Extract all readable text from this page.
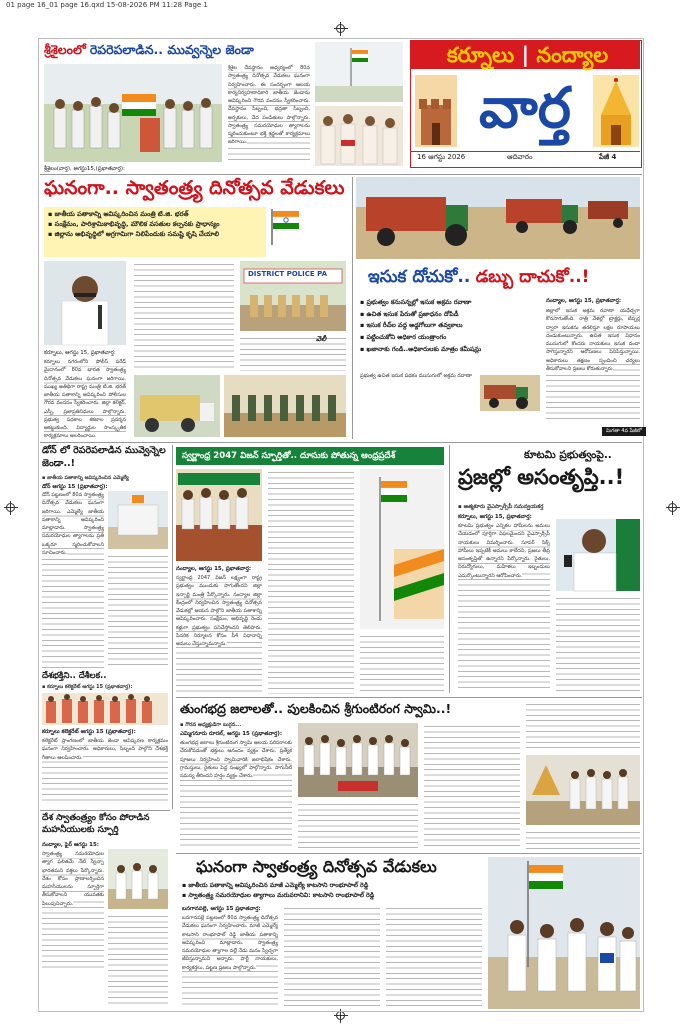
01 page 16_01 page 16.qxd 15-08-2026 PM 11:28 Page 1
శ్రీశైలంలో రెపరెపలాడిన.. మువ్వన్నెల జెండా
శ్రీశైలం(వార్త), ఆగస్టు15,(ప్రభాతవార్త):
శ్రీశైల దేవస్థానం ఆధ్వర్యంలో 80వ స్వాతంత్ర్య దినోత్సవ వేడుకలు ఘనంగా నిర్వహించారు. ఈ సందర్భంగా ఆలయ కార్యనిర్వహణాధికారి జాతీయ జెండాను ఆవిష్కరించి గౌరవ వందనం స్వీకరించారు. దేవస్థానం సిబ్బంది, భద్రతా సిబ్బంది, అర్చకులు, వేద పండితులు పాల్గొన్నారు. స్వాతంత్ర్య సమరయోధుల త్యాగాలను స్మరించుకుంటూ భక్తి శ్రద్ధలతో కార్యక్రమాలు జరిగాయి.
కర్నూలు | నంద్యాల
వార్త
16 ఆగస్టు 2026	ఆదివారం	పేజీ 4
ఘనంగా.. స్వాతంత్ర్య దినోత్సవ వేడుకలు
▪ జాతీయ పతాకాన్ని ఆవిష్కరించిన మంత్రి టి.జి. భరత్
▪ సంక్షేమం, పారిశ్రామికాభివృద్ధి, మౌలిక వసతుల కల్పనకు ప్రాధాన్యం
▪ జిల్లాను అభివృద్ధిలో అగ్రగామిగా నిలిపేందుకు సమష్టి కృషి చేయాలి
కర్నూలు, ఆగస్టు 15, ప్రభాతవార్త:
కర్నూలు నగరంలోని పోలీస్ పరేడ్ మైదానంలో 80వ భారత స్వాతంత్ర్య దినోత్సవ వేడుకలు ఘనంగా జరిగాయి. ముఖ్య అతిథిగా రాష్ట్ర మంత్రి టి.జి. భరత్ జాతీయ పతాకాన్ని ఆవిష్కరించి పోలీసుల గౌరవ వందనం స్వీకరించారు. జిల్లా కలెక్టర్, ఎస్పీ, ప్రజాప్రతినిధులు పాల్గొన్నారు. ప్రభుత్వ పథకాల శకటాల ప్రదర్శన ఆకట్టుకుంది. విద్యార్థుల సాంస్కృతిక కార్యక్రమాలు అలరించాయి.
DISTRICT POLICE PA
వెలీ
ఇసుక దోచుకో.. డబ్బు దాచుకో..!
▪ ప్రభుత్వం కనుసన్నల్లో ఇసుక అక్రమ రవాణా
▪ ఉచిత ఇసుక పేరుతో ప్రజాధనం దోపిడీ
▪ ఇసుక రీచ్‌ల వద్ద అడ్డగోలుగా తవ్వకాలు
▪ పట్టించుకోని అధికార యంత్రాంగం
▪ ఖజానాకు గండి..అధికారులకు మాత్రం కమీషన్లు
ప్రభుత్వ ఉచిత ఇసుక పథకం ముసుగులో అక్రమ రవాణా
నంద్యాల, ఆగస్టు 15, ప్రభాతవార్త:
జిల్లాలో ఇసుక అక్రమ రవాణా యథేచ్ఛగా కొనసాగుతోంది. రాత్రి వేళల్లో ట్రాక్టర్లు, టిప్పర్ల ద్వారా ఇసుకను తరలిస్తూ లక్షల రూపాయలు దండుకుంటున్నారు. ఉచిత ఇసుక విధానం ముసుగులో కొందరు నాయకులు ఇసుక దందా సాగిస్తున్నారని ఆరోపణలు వినిపిస్తున్నాయి. అధికారులు తక్షణం స్పందించి చర్యలు తీసుకోవాలని ప్రజలు కోరుతున్నారు.
మిగతా 4వ పేజీలో
డోన్ లో రెపరెపలాడిన మువ్వెన్నెల జెండా..!
▪ జాతీయ పతాకాన్ని ఆవిష్కరించిన ఎమ్మెల్యే
డోన్ ఆగస్టు 15 (ప్రభాతవార్త):
డోన్ పట్టణంలో 80వ స్వాతంత్ర్య దినోత్సవ వేడుకలు ఘనంగా జరిగాయి. ఎమ్మెల్యే జాతీయ పతాకాన్ని ఆవిష్కరించి మాట్లాడారు. స్వాతంత్ర్య సమరయోధుల త్యాగాలను ప్రతి ఒక్కరూ స్మరించుకోవాలని సూచించారు.
దేశభక్తిని.. దేశీలక..
▪ కర్నూలు కలెక్టరేట్ ఆగస్టు 15 (ప్రభాతవార్త):
కర్నూలు కలెక్టరేట్ ఆగస్టు 15 (ప్రభాతవార్త):
కలెక్టరేట్ ప్రాంగణంలో జాతీయ జెండా ఆవిష్కరణ కార్యక్రమం ఘనంగా నిర్వహించారు. అధికారులు, సిబ్బంది పాల్గొని దేశభక్తి గీతాలు ఆలపించారు.
దేశ స్వాతంత్ర్యం కోసం పోరాడిన మహనీయులకు స్ఫూర్తి
నంద్యాల, ఫైర్ ఆగస్టు 15:
స్వాతంత్ర్య సమరయోధుల త్యాగ ఫలితమే నేటి స్వేచ్ఛా భారతమని వక్తలు పేర్కొన్నారు. దేశం కోసం ప్రాణాలర్పించిన మహనీయులను స్ఫూర్తిగా తీసుకోవాలని యువతకు పిలుపునిచ్చారు.
స్వర్ణాంధ్ర 2047 విజన్ స్ఫూర్తితో.. దూసుకు పోతున్న ఆంధ్రప్రదేశ్
నంద్యాల, ఆగస్టు 15, ప్రభాతవార్త:
స్వర్ణాంధ్ర 2047 విజన్ లక్ష్యంగా రాష్ట్ర ప్రభుత్వం ముందుకు సాగుతోందని జిల్లా ఇన్చార్జి మంత్రి పేర్కొన్నారు. నంద్యాల జిల్లా కేంద్రంలో నిర్వహించిన స్వాతంత్ర్య దినోత్సవ వేడుకల్లో ఆయన పాల్గొని జాతీయ పతాకాన్ని ఆవిష్కరించారు. సంక్షేమం, అభివృద్ధి రెండు కళ్లుగా ప్రభుత్వం పనిచేస్తోందని తెలిపారు. పేదరిక నిర్మూలన కోసం పీ4 విధానాన్ని అమలు చేస్తున్నామన్నారు.
కూటమి ప్రభుత్వంపై..
ప్రజల్లో అసంతృప్తి..!
▪ ఆత్మకూరు వైఎస్సార్సీపీ సమన్వయకర్త
కర్నూలు, ఆగస్టు 15, ప్రభాతవార్త:
కూటమి ప్రభుత్వం ఎన్నికల హామీలను అమలు చేయడంలో పూర్తిగా విఫలమైందని వైఎస్సార్సీపీ నాయకులు విమర్శించారు. సూపర్ సిక్స్ హామీలు ఇప్పటికీ అమలు కాలేదని, ప్రజలు తీవ్ర అసంతృప్తితో ఉన్నారని పేర్కొన్నారు. రైతులు, నిరుద్యోగులు, మహిళలు ఇబ్బందులు ఎదుర్కొంటున్నారని ఆరోపించారు.
తుంగభద్ర జలాలతో.. పులకించిన శ్రీగుంటిరంగ స్వామి..!
▪ గౌరవ అధ్యక్షుడిగా బుగ్గన...
ఎమ్మిగనూరు రూరల్, ఆగస్టు 15 (ప్రభాతవార్త):
తుంగభద్ర జలాలు శ్రీగుంటిరంగ స్వామి ఆలయ పరిసరాలకు చేరుకోవడంతో భక్తులు ఆనందం వ్యక్తం చేశారు. ప్రత్యేక పూజలు నిర్వహించి స్వామివారికి జలాభిషేకం చేశారు. గ్రామస్తులు, రైతులు పెద్ద సంఖ్యలో పాల్గొన్నారు. సాగునీటి సమస్య తీరిందని హర్షం వ్యక్తం చేశారు.
ఘనంగా స్వాతంత్ర్య దినోత్సవ వేడుకలు
▪ జాతీయ పతాకాన్ని ఆవిష్కరించిన మాజీ ఎమ్మెల్యే కాటసాని రాంభూపాల్ రెడ్డి
▪ స్వాతంత్ర్య సమరయోధుల త్యాగాలు మరువరానివి: కాటసాని రాంభూపాల్ రెడ్డి
బనగానపల్లె, ఆగస్టు 15 ప్రభాతవార్త:
బనగానపల్లె పట్టణంలో 80వ స్వాతంత్ర్య దినోత్సవ వేడుకలు ఘనంగా నిర్వహించారు. మాజీ ఎమ్మెల్యే కాటసాని రాంభూపాల్ రెడ్డి జాతీయ పతాకాన్ని ఆవిష్కరించి మాట్లాడారు. స్వాతంత్ర్య సమరయోధుల త్యాగాల వల్లే నేడు మనం స్వేచ్ఛగా జీవిస్తున్నామని అన్నారు. పార్టీ నాయకులు, కార్యకర్తలు, పట్టణ ప్రజలు పాల్గొన్నారు.
